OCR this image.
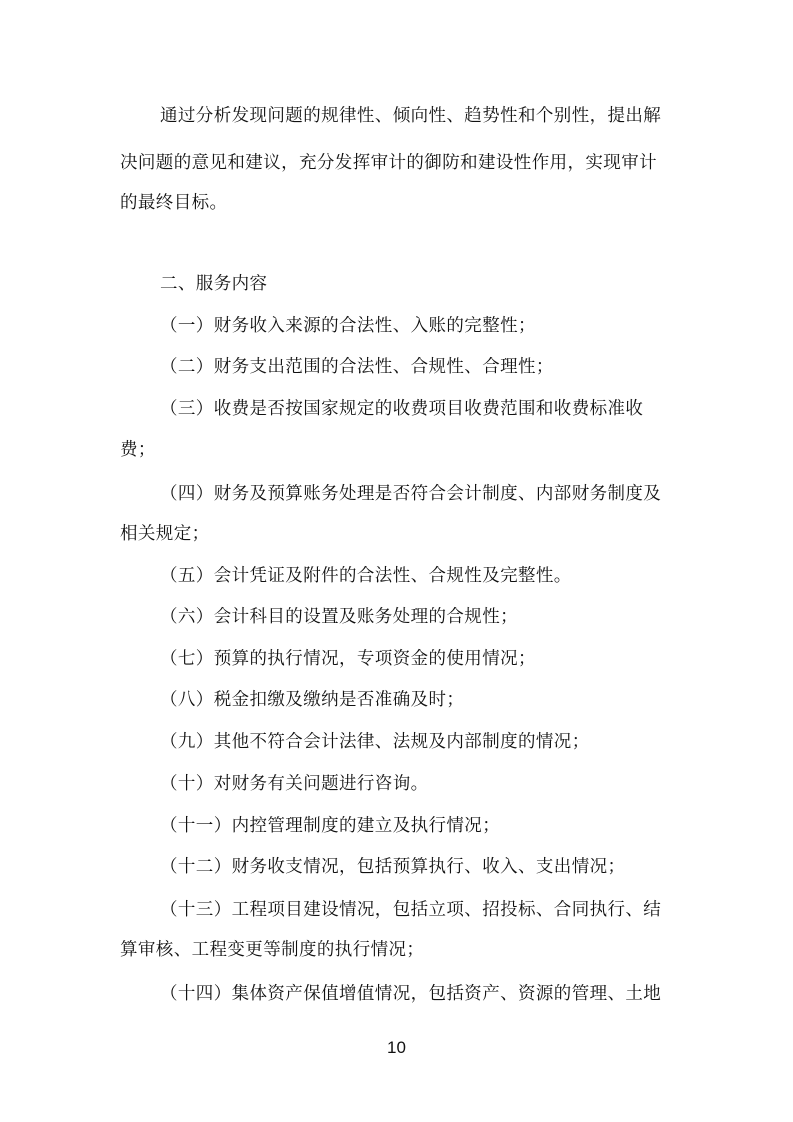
通过分析发现问题的规律性、倾向性、趋势性和个别性，提出解
决问题的意见和建议，充分发挥审计的御防和建设性作用，实现审计
的最终目标。
二、服务内容
（一）财务收入来源的合法性、入账的完整性；
（二）财务支出范围的合法性、合规性、合理性；
（三）收费是否按国家规定的收费项目收费范围和收费标准收
费；
（四）财务及预算账务处理是否符合会计制度、内部财务制度及
相关规定；
（五）会计凭证及附件的合法性、合规性及完整性。
（六）会计科目的设置及账务处理的合规性；
（七）预算的执行情况，专项资金的使用情况；
（八）税金扣缴及缴纳是否准确及时；
（九）其他不符合会计法律、法规及内部制度的情况；
（十）对财务有关问题进行咨询。
（十一）内控管理制度的建立及执行情况；
（十二）财务收支情况，包括预算执行、收入、支出情况；
（十三）工程项目建设情况，包括立项、招投标、合同执行、结
算审核、工程变更等制度的执行情况；
（十四）集体资产保值增值情况，包括资产、资源的管理、土地
10
